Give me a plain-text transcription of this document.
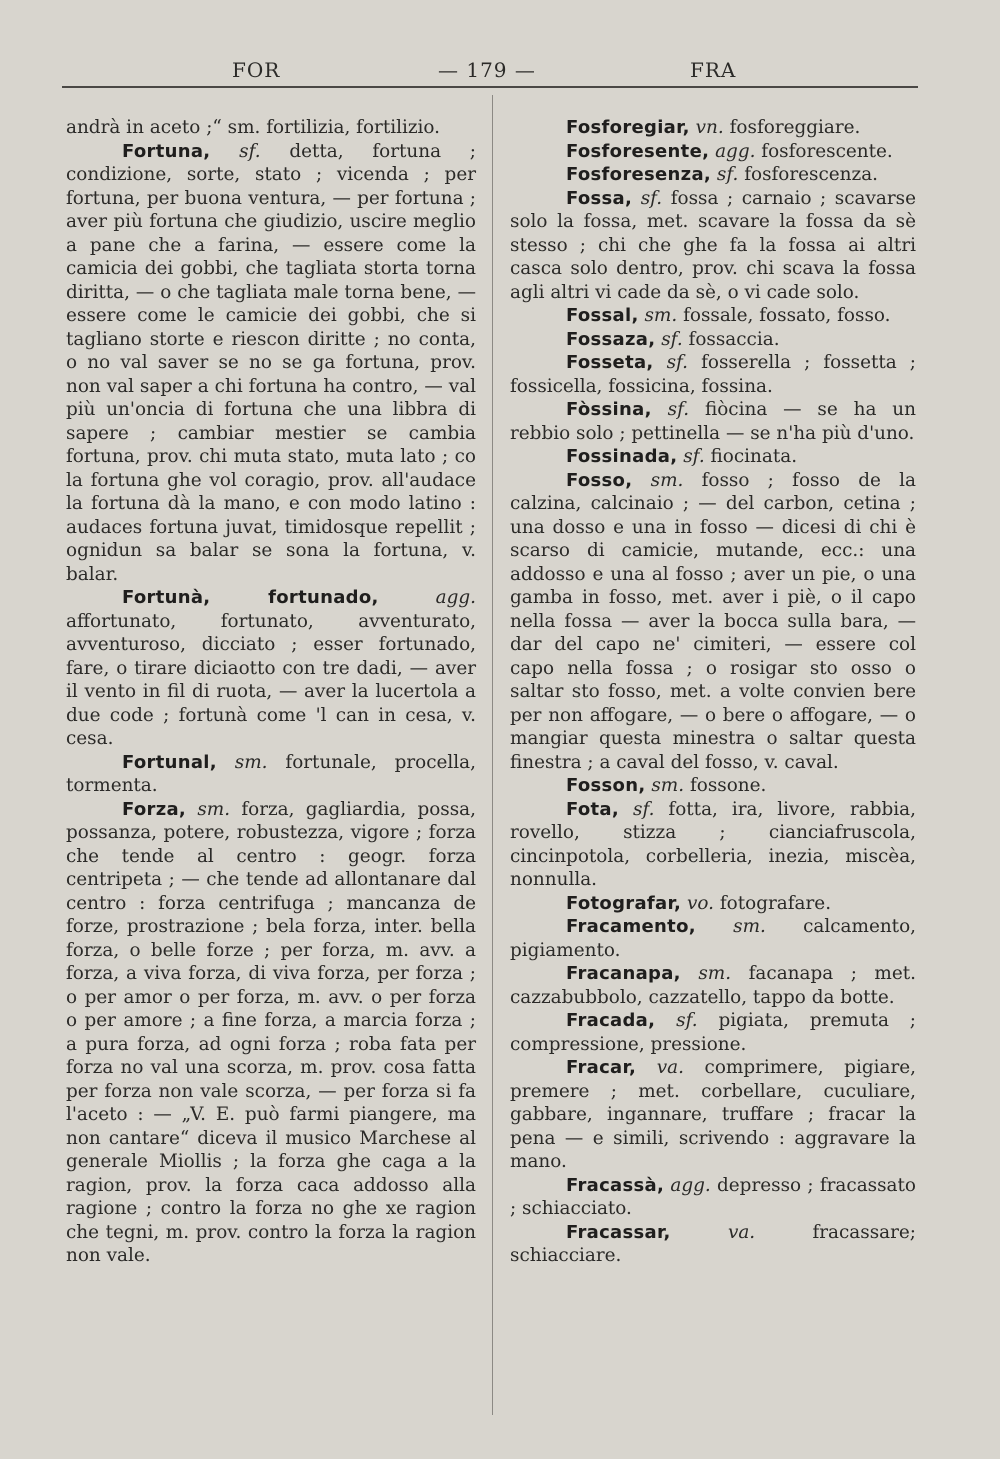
FOR	— 179 —	FRA

andrà in aceto ;“ sm. fortilizia, fortilizio.

Fortuna, sf. detta, fortuna ; condizione, sorte, stato ; vicenda ; per fortuna, per buona ventura, — per fortuna ; aver più fortuna che giudizio, uscire meglio a pane che a farina, — essere come la camicia dei gobbi, che tagliata storta torna diritta, — o che tagliata male torna bene, — essere come le camicie dei gobbi, che si tagliano storte e riescon diritte ; no conta, o no val saver se no se ga fortuna, prov. non val saper a chi fortuna ha contro, — val più un'oncia di fortuna che una libbra di sapere ; cambiar mestier se cambia fortuna, prov. chi muta stato, muta lato ; co la fortuna ghe vol coragio, prov. all'audace la fortuna dà la mano, e con modo latino : audaces fortuna juvat, timidosque repellit ; ognidun sa balar se sona la fortuna, v. balar.

Fortunà, fortunado,	agg. affortunato, fortunato, avventurato, avventuroso, dicciato ; esser fortunado, fare, o tirare diciaotto con tre dadi, — aver il vento in fil di ruota, — aver la lucertola a due code ; fortunà come 'l can in cesa, v. cesa.

Fortunal, sm. fortunale, procella, tormenta.

Forza, sm. forza, gagliardia, possa, possanza, potere, robustezza, vigore ; forza che tende al centro : geogr. forza centripeta ; — che tende ad allontanare dal centro : forza centrifuga ; mancanza de forze, prostrazione ; bela forza, inter. bella forza, o belle forze ; per forza, m. avv. a forza, a viva forza, di viva forza, per forza ; o per amor o per forza, m. avv. o per forza o per amore ; a fine forza, a marcia forza ; a pura forza, ad ogni forza ; roba fata per forza no val una scorza, m. prov. cosa fatta per forza non vale scorza, — per forza si fa l'aceto : — „V. E. può farmi piangere, ma non cantare“ diceva il musico Marchese al generale Miollis ; la forza ghe caga a la ragion, prov. la forza caca addosso alla ragione ; contro la forza no ghe xe ragion che tegni, m. prov. contro la forza la ragion non vale.

Fosforegiar, vn. fosforeggiare.

Fosforesente, agg. fosforescente.

Fosforesenza, sf. fosforescenza.

Fossa, sf. fossa ; carnaio ; scavarse solo la fossa, met. scavare la fossa da sè stesso ; chi che ghe fa la fossa ai altri casca solo dentro, prov. chi scava la fossa agli altri vi cade da sè, o vi cade solo.

Fossal, sm. fossale, fossato, fosso.

Fossaza, sf. fossaccia.

Fosseta, sf. fosserella ; fossetta ; fossicella, fossicina, fossina.

Fòssina, sf. fiòcina — se ha un rebbio solo ; pettinella — se n'ha più d'uno.

Fossinada, sf. fiocinata.

Fosso, sm. fosso ; fosso de la calzina, calcinaio ; — del carbon, cetina ; una dosso e una in fosso — dicesi di chi è scarso di camicie, mutande, ecc.: una addosso e una al fosso ; aver un pie, o una gamba in fosso, met. aver i piè, o il capo nella fossa — aver la bocca sulla bara, — dar del capo ne' cimiteri, — essere col capo nella fossa ; o rosigar sto osso o saltar sto fosso, met. a volte convien bere per non affogare, — o bere o affogare, — o mangiar questa minestra o saltar questa finestra ; a caval del fosso, v. caval.

Fosson, sm. fossone.

Fota, sf. fotta, ira, livore, rabbia, rovello, stizza ; cianciafruscola, cincinpotola, corbelleria, inezia, miscèa, nonnulla.

Fotografar, vo. fotografare.

Fracamento, sm. calcamento, pigiamento.

Fracanapa, sm. facanapa ; met. cazzabubbolo, cazzatello, tappo da botte.

Fracada, sf. pigiata, premuta ; compressione, pressione.

Fracar, va. comprimere, pigiare, premere ; met. corbellare, cuculiare, gabbare, ingannare, truffare ; fracar la pena — e simili, scrivendo : aggravare la mano.

Fracassà, agg. depresso ; fracassato ; schiacciato.

Fracassar,	va.	fracassare; schiacciare.
